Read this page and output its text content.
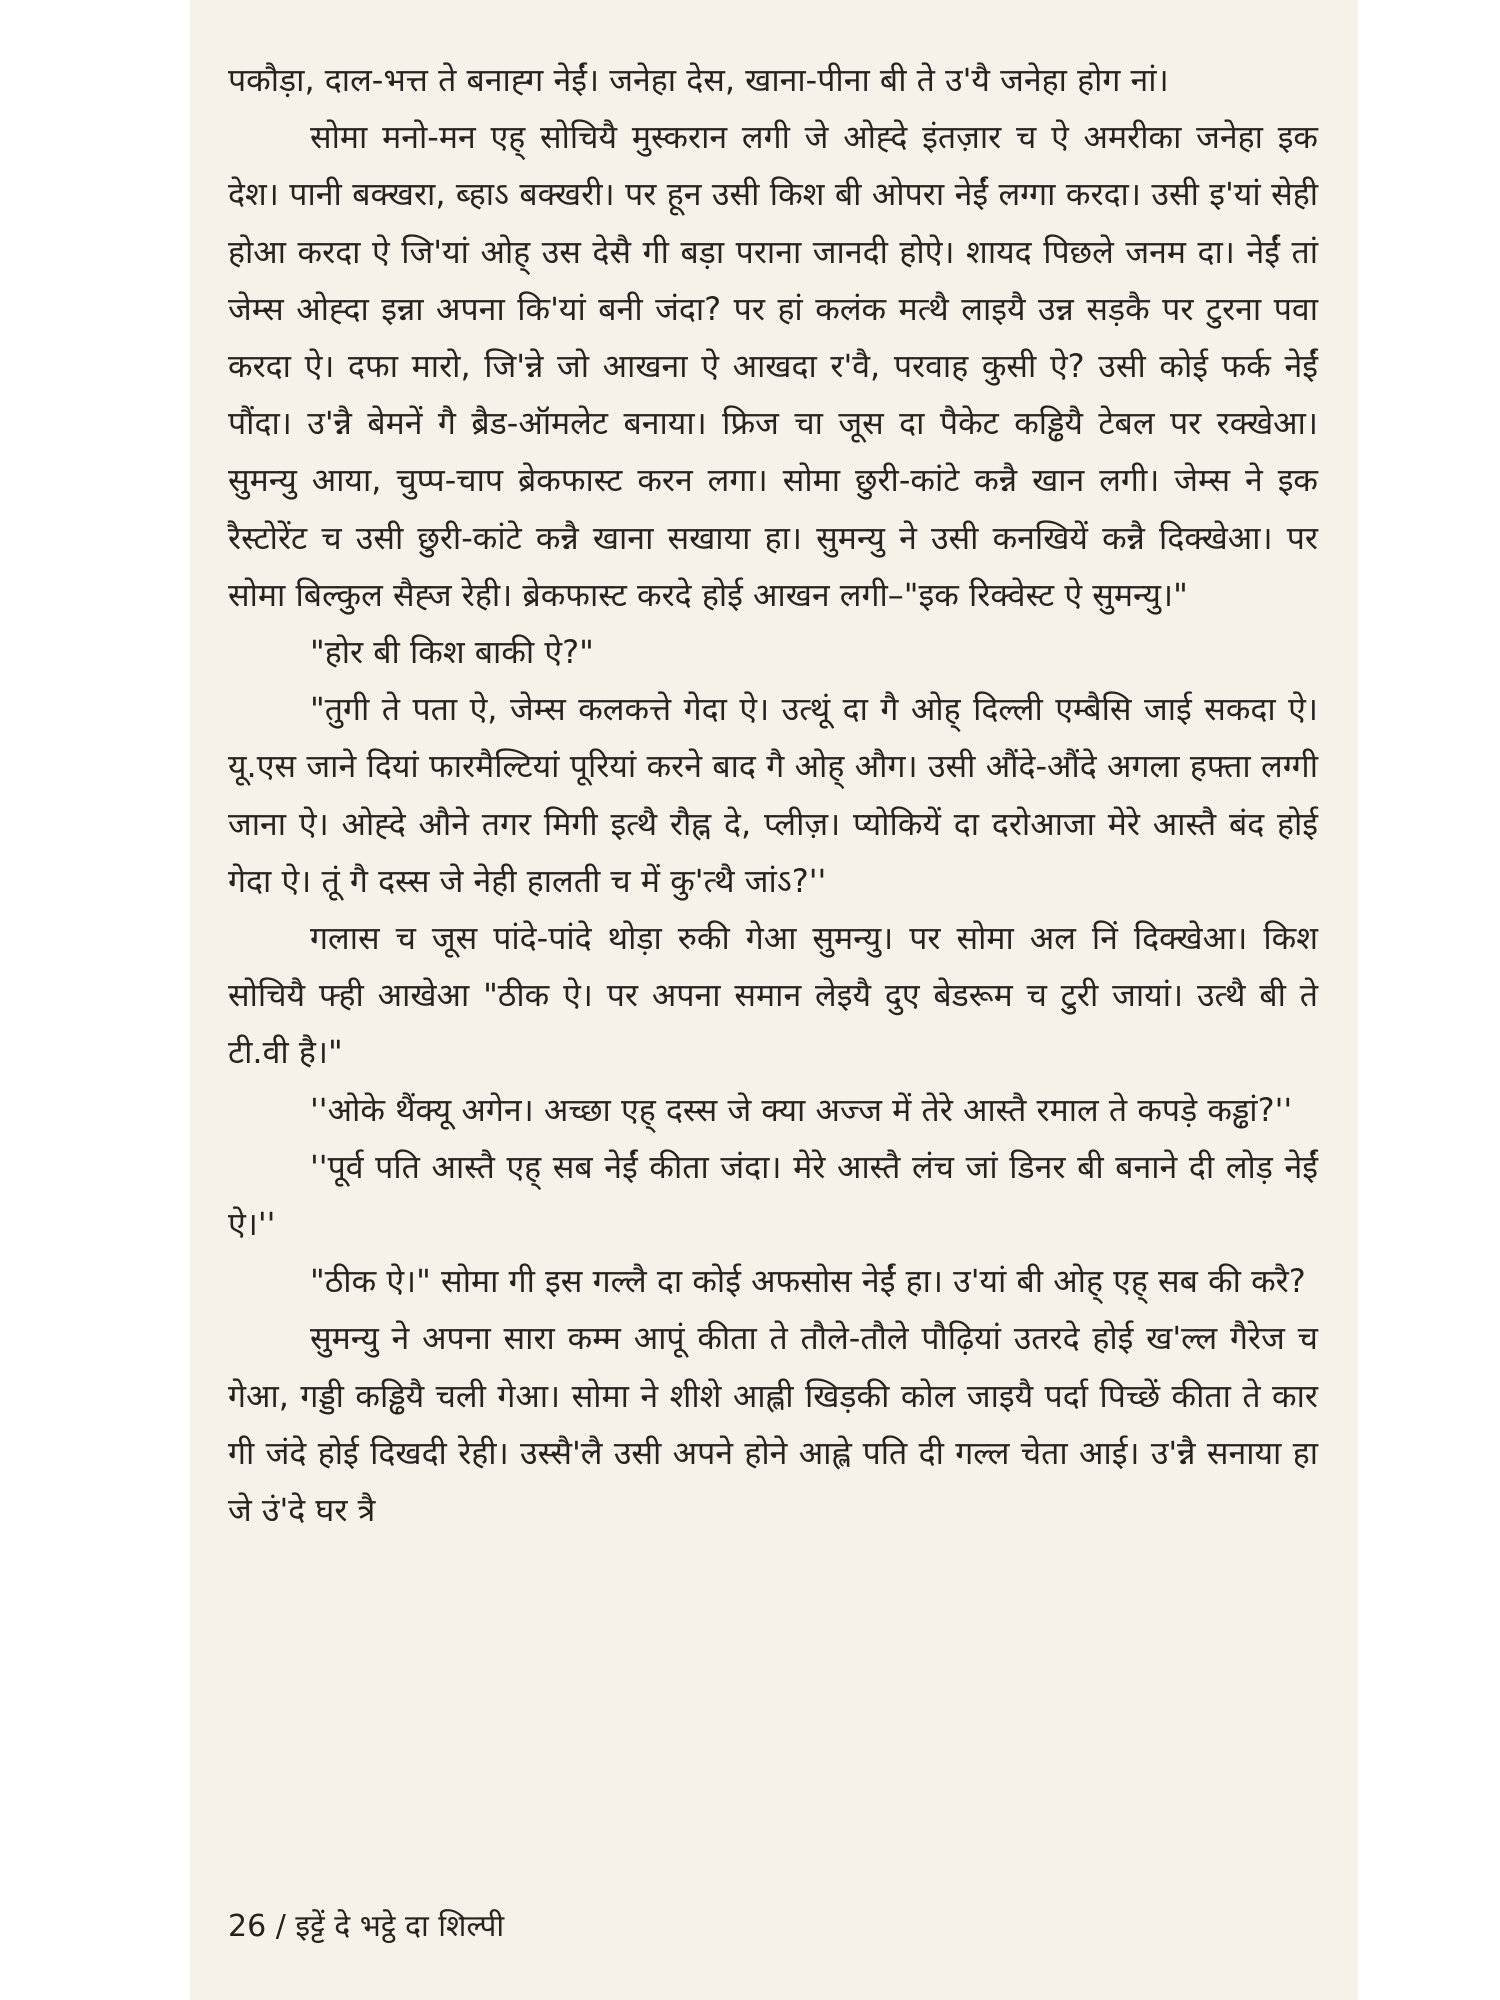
पकौड़ा, दाल-भत्त ते बनाह्ग नेईं। जनेहा देस, खाना-पीना बी ते उ'यै जनेहा होग नां।

सोमा मनो-मन एह् सोचियै मुस्करान लगी जे ओह्दे इंतज़ार च ऐ अमरीका जनेहा इक देश। पानी बक्खरा, ब्हाऽ बक्खरी। पर हून उसी किश बी ओपरा नेईं लग्गा करदा। उसी इ'यां सेही होआ करदा ऐ जि'यां ओह् उस देसै गी बड़ा पराना जानदी होऐ। शायद पिछले जनम दा। नेईं तां जेम्स ओह्दा इन्ना अपना कि'यां बनी जंदा? पर हां कलंक मत्थै लाइयै उन्न सड़कै पर टुरना पवा करदा ऐ। दफा मारो, जि'न्ने जो आखना ऐ आखदा र'वै, परवाह कुसी ऐ? उसी कोई फर्क नेईं पौंदा। उ'न्नै बेमनें गै ब्रैड-ऑमलेट बनाया। फ्रिज चा जूस दा पैकेट कड्ढियै टेबल पर रक्खेआ। सुमन्यु आया, चुप्प-चाप ब्रेकफास्ट करन लगा। सोमा छुरी-कांटे कन्नै खान लगी। जेम्स ने इक रैस्टोरेंट च उसी छुरी-कांटे कन्नै खाना सखाया हा। सुमन्यु ने उसी कनखियें कन्नै दिक्खेआ। पर सोमा बिल्कुल सैह्ज रेही। ब्रेकफास्ट करदे होई आखन लगी–"इक रिक्वेस्ट ऐ सुमन्यु।"

"होर बी किश बाकी ऐ?"

"तुगी ते पता ऐ, जेम्स कलकत्ते गेदा ऐ। उत्थूं दा गै ओह् दिल्ली एम्बैसि जाई सकदा ऐ। यू.एस जाने दियां फारमैल्टियां पूरियां करने बाद गै ओह् औग। उसी औंदे-औंदे अगला हफ्ता लग्गी जाना ऐ। ओह्दे औने तगर मिगी इत्थै रौह्न दे, प्लीज़। प्योकियें दा दरोआजा मेरे आस्तै बंद होई गेदा ऐ। तूं गै दस्स जे नेही हालती च में कु'त्थै जांऽ?''

गलास च जूस पांदे-पांदे थोड़ा रुकी गेआ सुमन्यु। पर सोमा अल निं दिक्खेआ। किश सोचियै फ्ही आखेआ "ठीक ऐ। पर अपना समान लेइयै दुए बेडरूम च टुरी जायां। उत्थै बी ते टी.वी है।"

''ओके थैंक्यू अगेन। अच्छा एह् दस्स जे क्या अज्ज में तेरे आस्तै रमाल ते कपड़े कड्ढां?''

''पूर्व पति आस्तै एह् सब नेईं कीता जंदा। मेरे आस्तै लंच जां डिनर बी बनाने दी लोड़ नेईं ऐ।''

"ठीक ऐ।" सोमा गी इस गल्लै दा कोई अफसोस नेईं हा। उ'यां बी ओह् एह् सब की करै?

सुमन्यु ने अपना सारा कम्म आपूं कीता ते तौले-तौले पौढ़ियां उतरदे होई ख'ल्ल गैरेज च गेआ, गड्डी कड्ढियै चली गेआ। सोमा ने शीशे आह्ली खिड़की कोल जाइयै पर्दा पिच्छें कीता ते कार गी जंदे होई दिखदी रेही। उस्सै'लै उसी अपने होने आह्ले पति दी गल्ल चेता आई। उ'न्नै सनाया हा जे उं'दे घर त्रै

26 / इट्टें दे भट्ठे दा शिल्पी
